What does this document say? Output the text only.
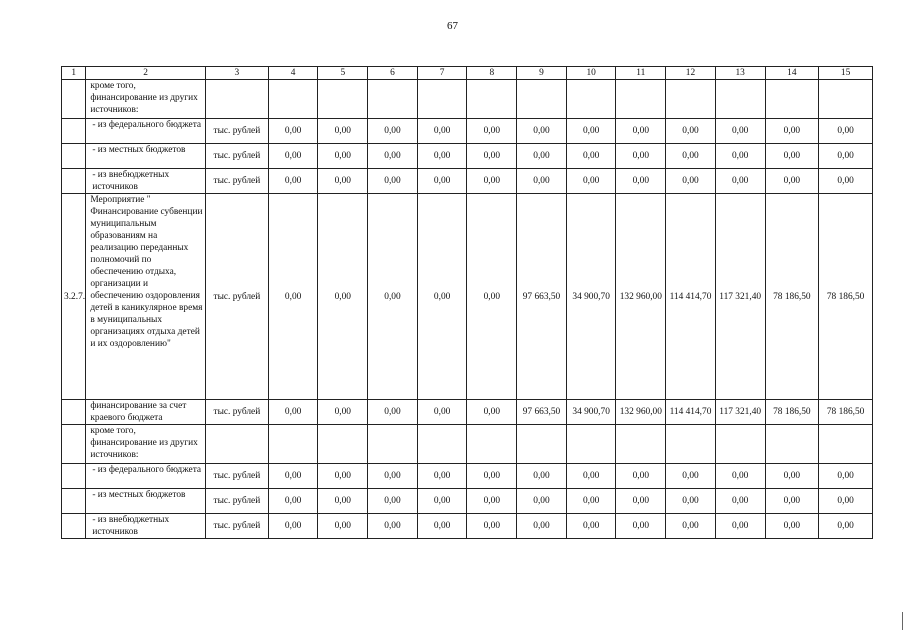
67
1	2	3	4	5	6	7	8	9	10	11	12	13	14	15
	кроме того, финансирование из других источников:													
	- из федерального бюджета	тыс. рублей	0,00	0,00	0,00	0,00	0,00	0,00	0,00	0,00	0,00	0,00	0,00	0,00
	- из местных бюджетов	тыс. рублей	0,00	0,00	0,00	0,00	0,00	0,00	0,00	0,00	0,00	0,00	0,00	0,00
	- из внебюджетных источников	тыс. рублей	0,00	0,00	0,00	0,00	0,00	0,00	0,00	0,00	0,00	0,00	0,00	0,00
3.2.7.	Мероприятие " Финансирование субвенции муниципальным образованиям на реализацию переданных полномочий по обеспечению отдыха, организации и обеспечению оздоровления детей в каникулярное время в муниципальных организациях отдыха детей и их оздоровлению"	тыс. рублей	0,00	0,00	0,00	0,00	0,00	97 663,50	34 900,70	132 960,00	114 414,70	117 321,40	78 186,50	78 186,50
	финансирование за счет краевого бюджета	тыс. рублей	0,00	0,00	0,00	0,00	0,00	97 663,50	34 900,70	132 960,00	114 414,70	117 321,40	78 186,50	78 186,50
	кроме того, финансирование из других источников:													
	- из федерального бюджета	тыс. рублей	0,00	0,00	0,00	0,00	0,00	0,00	0,00	0,00	0,00	0,00	0,00	0,00
	- из местных бюджетов	тыс. рублей	0,00	0,00	0,00	0,00	0,00	0,00	0,00	0,00	0,00	0,00	0,00	0,00
	- из внебюджетных источников	тыс. рублей	0,00	0,00	0,00	0,00	0,00	0,00	0,00	0,00	0,00	0,00	0,00	0,00
